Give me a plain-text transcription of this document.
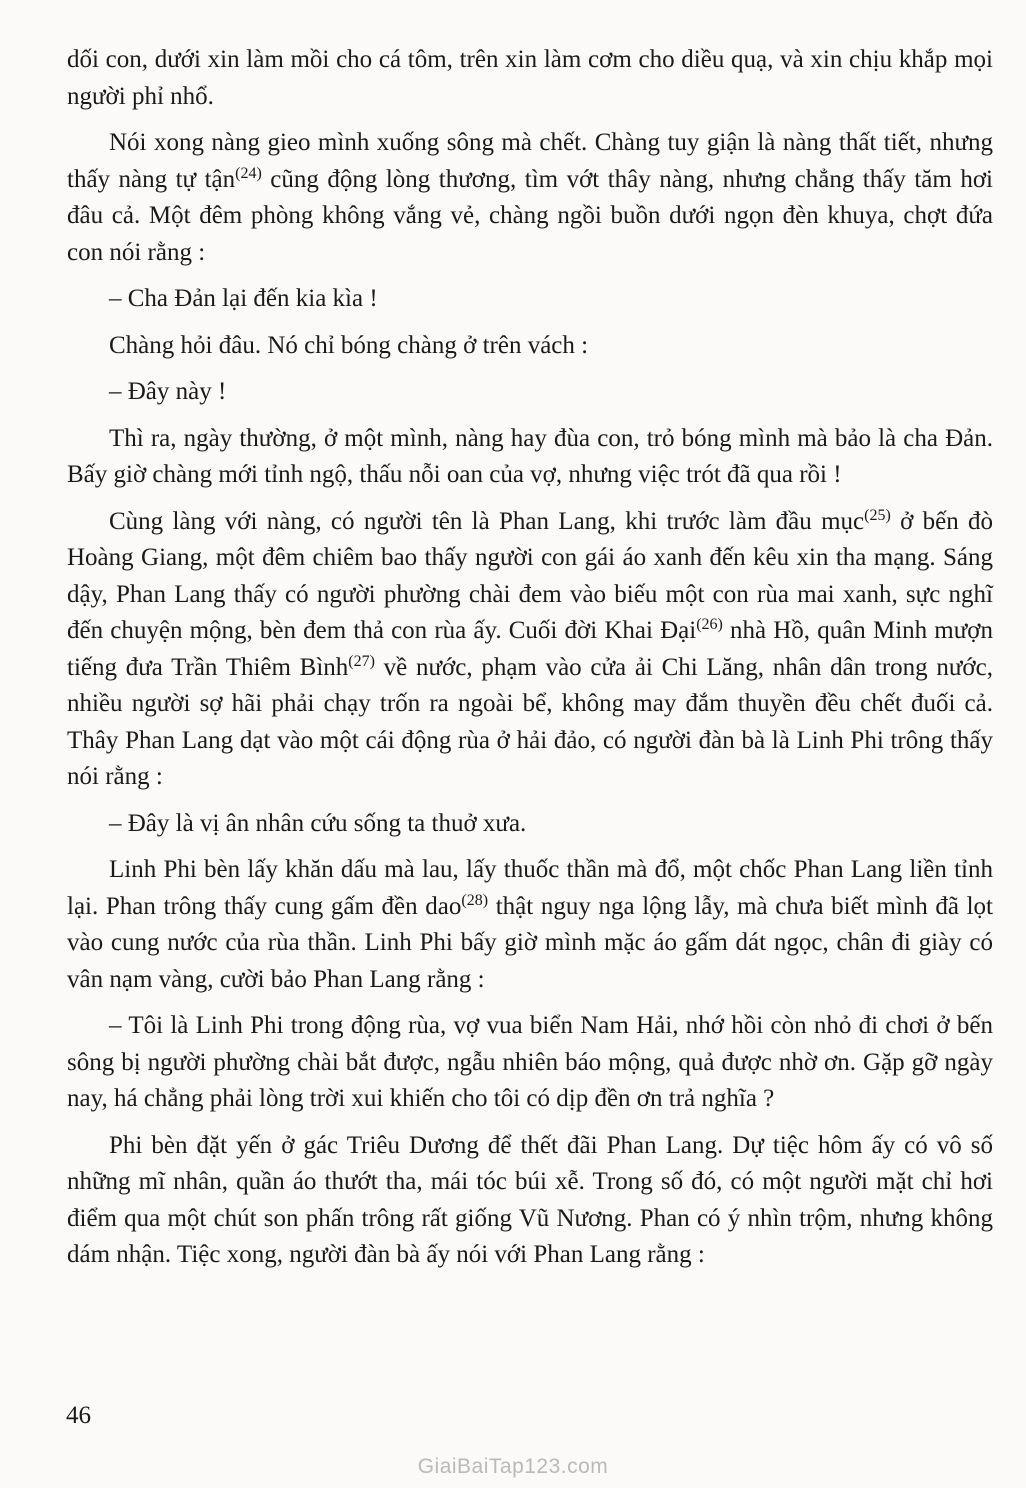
dối con, dưới xin làm mồi cho cá tôm, trên xin làm cơm cho diều quạ, và xin chịu khắp mọi người phỉ nhổ.

Nói xong nàng gieo mình xuống sông mà chết. Chàng tuy giận là nàng thất tiết, nhưng thấy nàng tự tận$^{(24)}$ cũng động lòng thương, tìm vớt thây nàng, nhưng chẳng thấy tăm hơi đâu cả. Một đêm phòng không vắng vẻ, chàng ngồi buồn dưới ngọn đèn khuya, chợt đứa con nói rằng :

– Cha Đản lại đến kia kìa !

Chàng hỏi đâu. Nó chỉ bóng chàng ở trên vách :

– Đây này !

Thì ra, ngày thường, ở một mình, nàng hay đùa con, trỏ bóng mình mà bảo là cha Đản. Bấy giờ chàng mới tỉnh ngộ, thấu nỗi oan của vợ, nhưng việc trót đã qua rồi !

Cùng làng với nàng, có người tên là Phan Lang, khi trước làm đầu mục$^{(25)}$ ở bến đò Hoàng Giang, một đêm chiêm bao thấy người con gái áo xanh đến kêu xin tha mạng. Sáng dậy, Phan Lang thấy có người phường chài đem vào biếu một con rùa mai xanh, sực nghĩ đến chuyện mộng, bèn đem thả con rùa ấy. Cuối đời Khai Đại$^{(26)}$ nhà Hồ, quân Minh mượn tiếng đưa Trần Thiêm Bình$^{(27)}$ về nước, phạm vào cửa ải Chi Lăng, nhân dân trong nước, nhiều người sợ hãi phải chạy trốn ra ngoài bể, không may đắm thuyền đều chết đuối cả. Thây Phan Lang dạt vào một cái động rùa ở hải đảo, có người đàn bà là Linh Phi trông thấy nói rằng :

– Đây là vị ân nhân cứu sống ta thuở xưa.

Linh Phi bèn lấy khăn dấu mà lau, lấy thuốc thần mà đổ, một chốc Phan Lang liền tỉnh lại. Phan trông thấy cung gấm đền dao$^{(28)}$ thật nguy nga lộng lẫy, mà chưa biết mình đã lọt vào cung nước của rùa thần. Linh Phi bấy giờ mình mặc áo gấm dát ngọc, chân đi giày có vân nạm vàng, cười bảo Phan Lang rằng :

– Tôi là Linh Phi trong động rùa, vợ vua biển Nam Hải, nhớ hồi còn nhỏ đi chơi ở bến sông bị người phường chài bắt được, ngẫu nhiên báo mộng, quả được nhờ ơn. Gặp gỡ ngày nay, há chẳng phải lòng trời xui khiến cho tôi có dịp đền ơn trả nghĩa ?

Phi bèn đặt yến ở gác Triêu Dương để thết đãi Phan Lang. Dự tiệc hôm ấy có vô số những mĩ nhân, quần áo thướt tha, mái tóc búi xễ. Trong số đó, có một người mặt chỉ hơi điểm qua một chút son phấn trông rất giống Vũ Nương. Phan có ý nhìn trộm, nhưng không dám nhận. Tiệc xong, người đàn bà ấy nói với Phan Lang rằng :

46
GiaiBaiTap123.com
